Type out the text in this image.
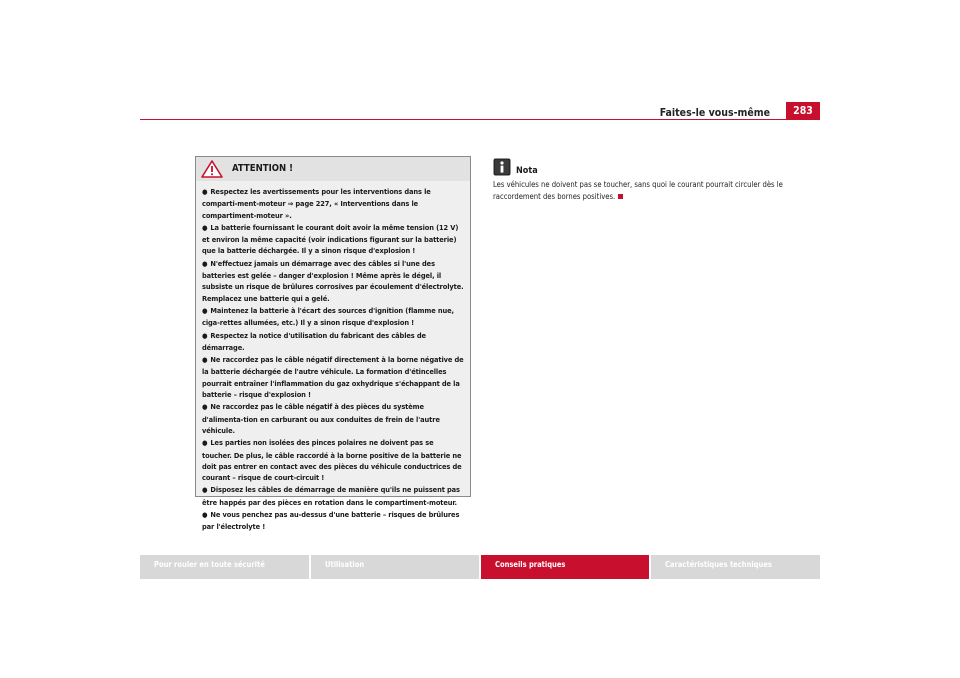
Faites-le vous-même	283
ATTENTION !
● Respectez les avertissements pour les interventions dans le comparti-ment-moteur ⇒ page 227, « Interventions dans le compartiment-moteur ».
● La batterie fournissant le courant doit avoir la même tension (12 V) et environ la même capacité (voir indications figurant sur la batterie) que la batterie déchargée. Il y a sinon risque d'explosion !
● N'effectuez jamais un démarrage avec des câbles si l'une des batteries est gelée – danger d'explosion ! Même après le dégel, il subsiste un risque de brûlures corrosives par écoulement d'électrolyte. Remplacez une batterie qui a gelé.
● Maintenez la batterie à l'écart des sources d'ignition (flamme nue, ciga-rettes allumées, etc.) Il y a sinon risque d'explosion !
● Respectez la notice d'utilisation du fabricant des câbles de démarrage.
● Ne raccordez pas le câble négatif directement à la borne négative de la batterie déchargée de l'autre véhicule. La formation d'étincelles pourrait entraîner l'inflammation du gaz oxhydrique s'échappant de la batterie – risque d'explosion !
● Ne raccordez pas le câble négatif à des pièces du système d'alimenta-tion en carburant ou aux conduites de frein de l'autre véhicule.
● Les parties non isolées des pinces polaires ne doivent pas se toucher. De plus, le câble raccordé à la borne positive de la batterie ne doit pas entrer en contact avec des pièces du véhicule conductrices de courant – risque de court-circuit !
● Disposez les câbles de démarrage de manière qu'ils ne puissent pas être happés par des pièces en rotation dans le compartiment-moteur.
● Ne vous penchez pas au-dessus d'une batterie – risques de brûlures par l'électrolyte !
Nota
Les véhicules ne doivent pas se toucher, sans quoi le courant pourrait circuler dès le raccordement des bornes positives.
Pour rouler en toute sécurité	Utilisation	Conseils pratiques	Caractéristiques techniques
